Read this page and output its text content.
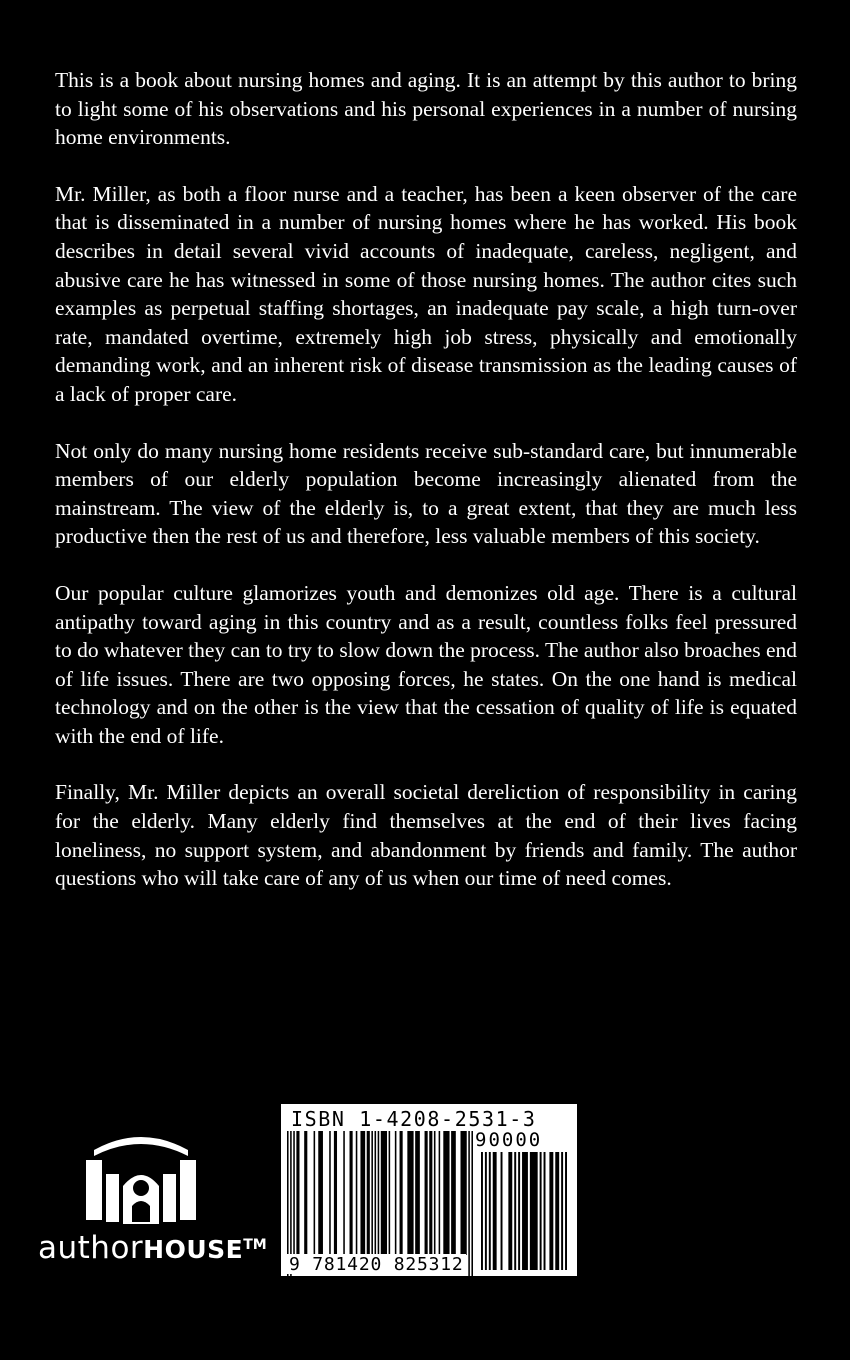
This is a book about nursing homes and aging. It is an attempt by this author to bring to light some of his observations and his personal experiences in a number of nursing home environments.

Mr. Miller, as both a floor nurse and a teacher, has been a keen observer of the care that is disseminated in a number of nursing homes where he has worked. His book describes in detail several vivid accounts of inadequate, careless, negligent, and abusive care he has witnessed in some of those nursing homes. The author cites such examples as perpetual staffing shortages, an inadequate pay scale, a high turn-over rate, mandated overtime, extremely high job stress, physically and emotionally demanding work, and an inherent risk of disease transmission as the leading causes of a lack of proper care.

Not only do many nursing home residents receive sub-standard care, but innumerable members of our elderly population become increasingly alienated from the mainstream. The view of the elderly is, to a great extent, that they are much less productive then the rest of us and therefore, less valuable members of this society.

Our popular culture glamorizes youth and demonizes old age. There is a cultural antipathy toward aging in this country and as a result, countless folks feel pressured to do whatever they can to try to slow down the process. The author also broaches end of life issues. There are two opposing forces, he states. On the one hand is medical technology and on the other is the view that the cessation of quality of life is equated with the end of life.

Finally, Mr. Miller depicts an overall societal dereliction of responsibility in caring for the elderly. Many elderly find themselves at the end of their lives facing loneliness, no support system, and abandonment by friends and family. The author questions who will take care of any of us when our time of need comes.

authorHOUSETM
ISBN 1-4208-2531-3
90000
9 781420 825312
